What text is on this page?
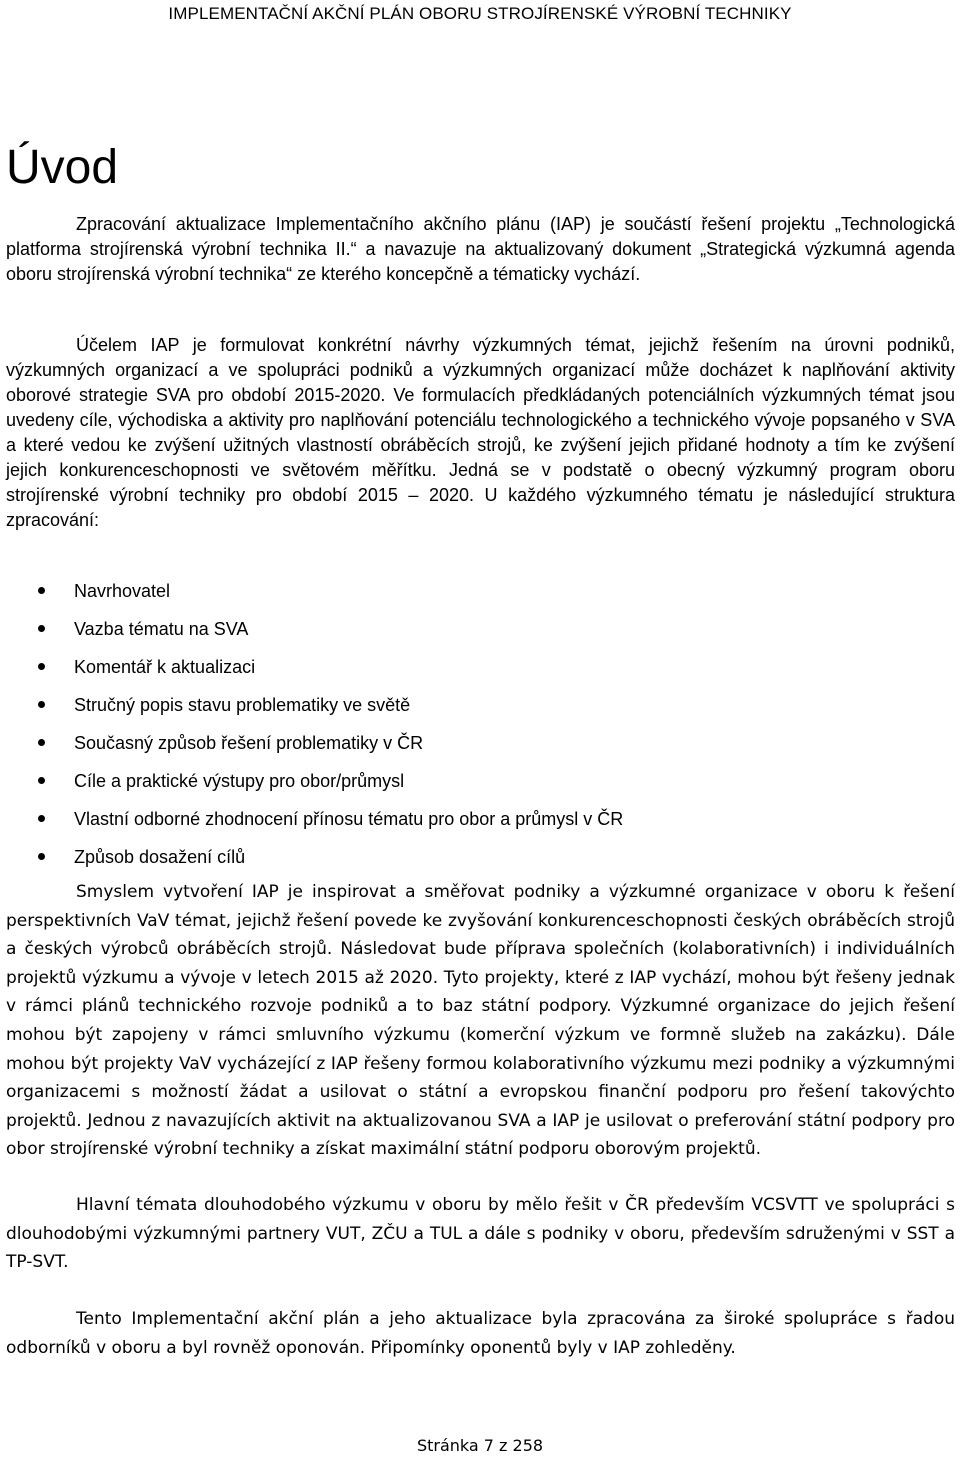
IMPLEMENTAČNÍ AKČNÍ PLÁN OBORU STROJÍRENSKÉ VÝROBNÍ TECHNIKY
Úvod

Zpracování aktualizace Implementačního akčního plánu (IAP) je součástí řešení projektu „Technologická platforma strojírenská výrobní technika II.“ a navazuje na aktualizovaný dokument „Strategická výzkumná agenda oboru strojírenská výrobní technika“ ze kterého koncepčně a tématicky vychází.

Účelem IAP je formulovat konkrétní návrhy výzkumných témat, jejichž řešením na úrovni podniků, výzkumných organizací a ve spolupráci podniků a výzkumných organizací může docházet k naplňování aktivity oborové strategie SVA pro období 2015-2020. Ve formulacích předkládaných potenciálních výzkumných témat jsou uvedeny cíle, východiska a aktivity pro naplňování potenciálu technologického a technického vývoje popsaného v SVA a které vedou ke zvýšení užitných vlastností obráběcích strojů, ke zvýšení jejich přidané hodnoty a tím ke zvýšení jejich konkurenceschopnosti ve světovém měřítku. Jedná se v podstatě o obecný výzkumný program oboru strojírenské výrobní techniky pro období 2015 – 2020. U každého výzkumného tématu je následující struktura zpracování:

Navrhovatel
Vazba tématu na SVA
Komentář k aktualizaci
Stručný popis stavu problematiky ve světě
Současný způsob řešení problematiky v ČR
Cíle a praktické výstupy pro obor/průmysl
Vlastní odborné zhodnocení přínosu tématu pro obor a průmysl v ČR
Způsob dosažení cílů

Smyslem vytvoření IAP je inspirovat a směřovat podniky a výzkumné organizace v oboru k řešení perspektivních VaV témat, jejichž řešení povede ke zvyšování konkurenceschopnosti českých obráběcích strojů a českých výrobců obráběcích strojů. Následovat bude příprava společních (kolaborativních) i individuálních projektů výzkumu a vývoje v letech 2015 až 2020. Tyto projekty, které z IAP vychází, mohou být řešeny jednak v rámci plánů technického rozvoje podniků a to baz státní podpory. Výzkumné organizace do jejich řešení mohou být zapojeny v rámci smluvního výzkumu (komerční výzkum ve formně služeb na zakázku). Dále mohou být projekty VaV vycházející z IAP řešeny formou kolaborativního výzkumu mezi podniky a výzkumnými organizacemi s možností žádat a usilovat o státní a evropskou finanční podporu pro řešení takovýchto projektů. Jednou z navazujících aktivit na aktualizovanou SVA a IAP je usilovat o preferování státní podpory pro obor strojírenské výrobní techniky a získat maximální státní podporu oborovým projektů.

Hlavní témata dlouhodobého výzkumu v oboru by mělo řešit v ČR především VCSVTT ve spolupráci s dlouhodobými výzkumnými partnery VUT, ZČU a TUL a dále s podniky v oboru, především sdruženými v SST a TP-SVT.

Tento Implementační akční plán a jeho aktualizace byla zpracována za široké spolupráce s řadou odborníků v oboru a byl rovněž oponován. Připomínky oponentů byly v IAP zohleděny.

Stránka 7 z 258
